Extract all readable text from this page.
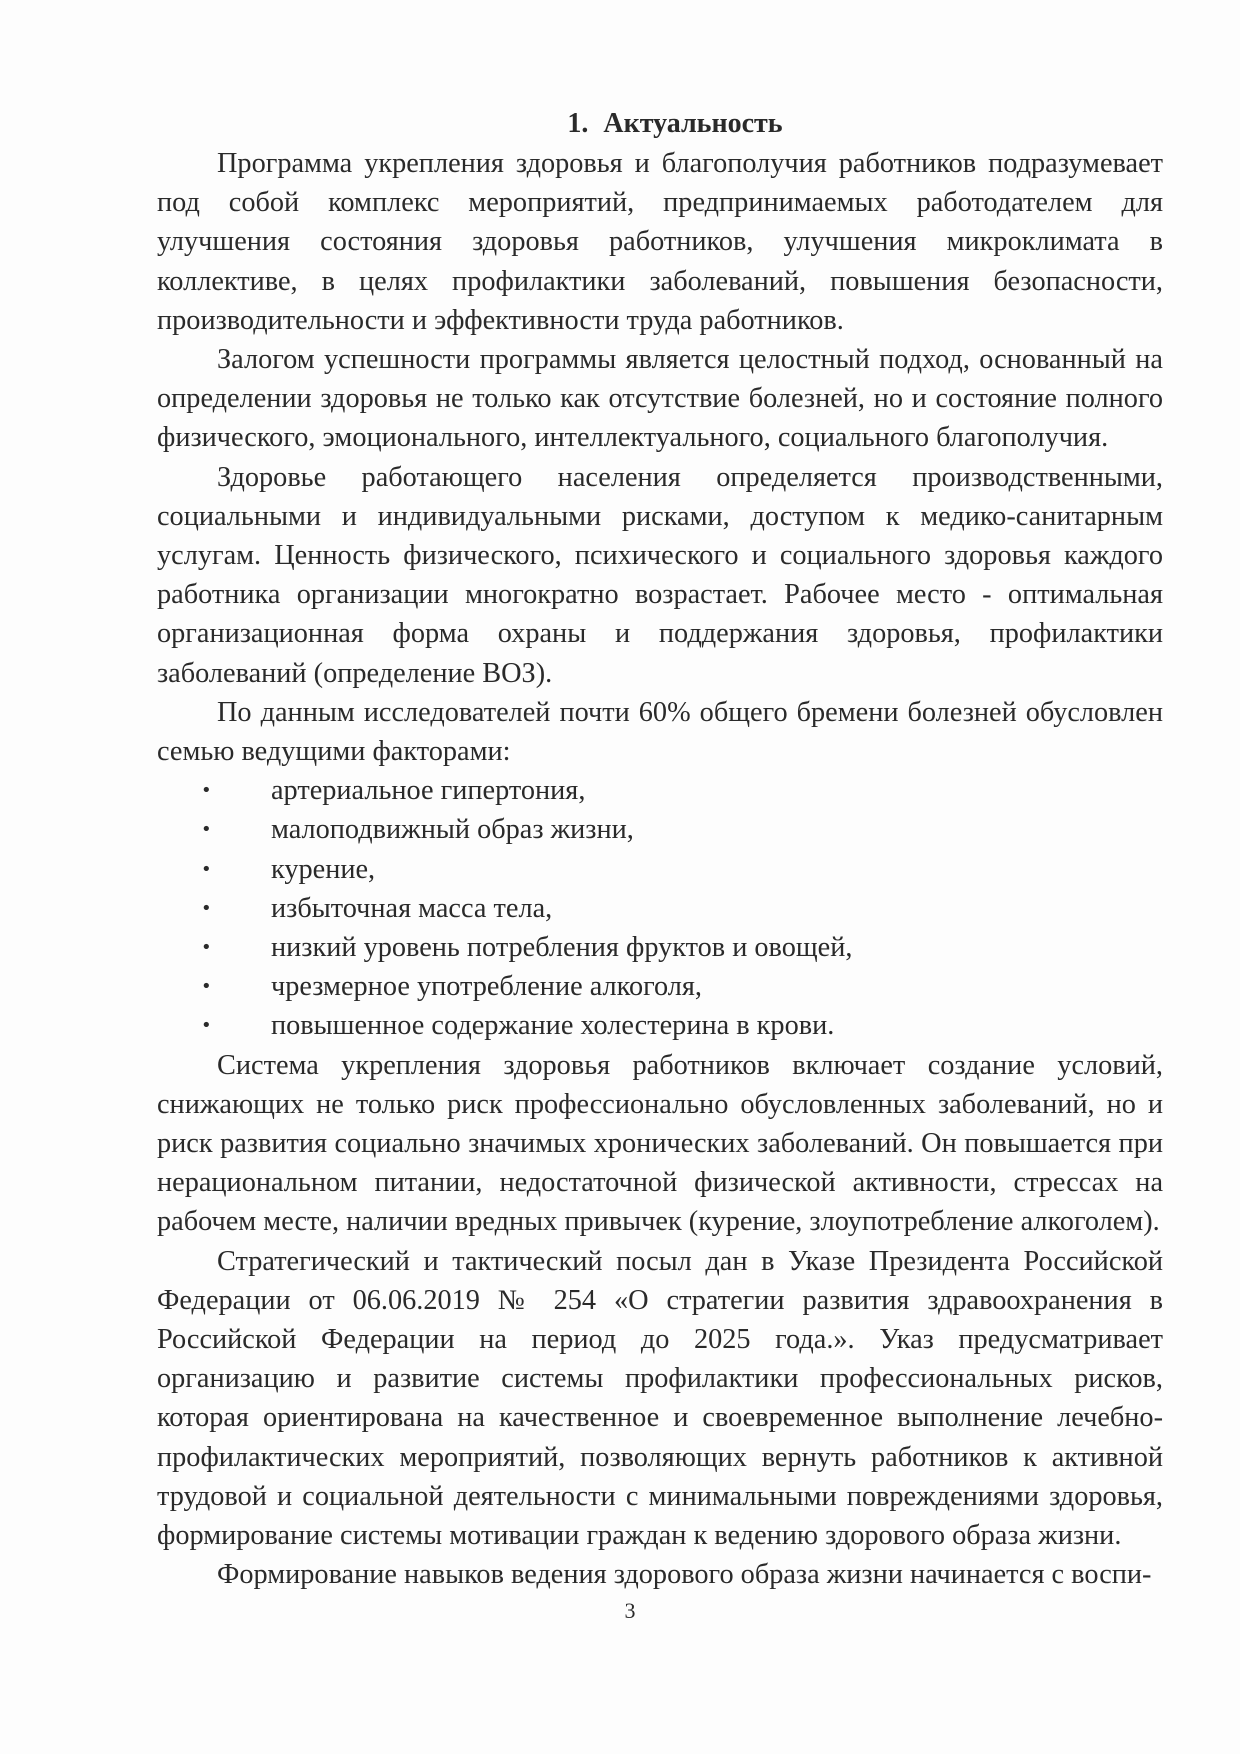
1. Актуальность

Программа укрепления здоровья и благополучия работников подразумевает под собой комплекс мероприятий, предпринимаемых работодателем для улучшения состояния здоровья работников, улучшения микроклимата в коллективе, в целях профилактики заболеваний, повышения безопасности, производительности и эффективности труда работников.

Залогом успешности программы является целостный подход, основанный на определении здоровья не только как отсутствие болезней, но и состояние полного физического, эмоционального, интеллектуального, социального благополучия.

Здоровье работающего населения определяется производственными, социальными и индивидуальными рисками, доступом к медико-санитарным услугам. Ценность физического, психического и социального здоровья каждого работника организации многократно возрастает. Рабочее место - оптимальная организационная форма охраны и поддержания здоровья, профилактики заболеваний (определение ВОЗ).

По данным исследователей почти 60% общего бремени болезней обусловлен семью ведущими факторами:

• артериальное гипертония,
• малоподвижный образ жизни,
• курение,
• избыточная масса тела,
• низкий уровень потребления фруктов и овощей,
• чрезмерное употребление алкоголя,
• повышенное содержание холестерина в крови.

Система укрепления здоровья работников включает создание условий, снижающих не только риск профессионально обусловленных заболеваний, но и риск развития социально значимых хронических заболеваний. Он повышается при нерациональном питании, недостаточной физической активности, стрессах на рабочем месте, наличии вредных привычек (курение, злоупотребление алкоголем).

Стратегический и тактический посыл дан в Указе Президента Российской Федерации от 06.06.2019 № 254 «О стратегии развития здравоохранения в Российской Федерации на период до 2025 года.». Указ предусматривает организацию и развитие системы профилактики профессиональных рисков, которая ориентирована на качественное и своевременное выполнение лечебно-профилактических мероприятий, позволяющих вернуть работников к активной трудовой и социальной деятельности с минимальными повреждениями здоровья, формирование системы мотивации граждан к ведению здорового образа жизни.

Формирование навыков ведения здорового образа жизни начинается с воспи-

3
